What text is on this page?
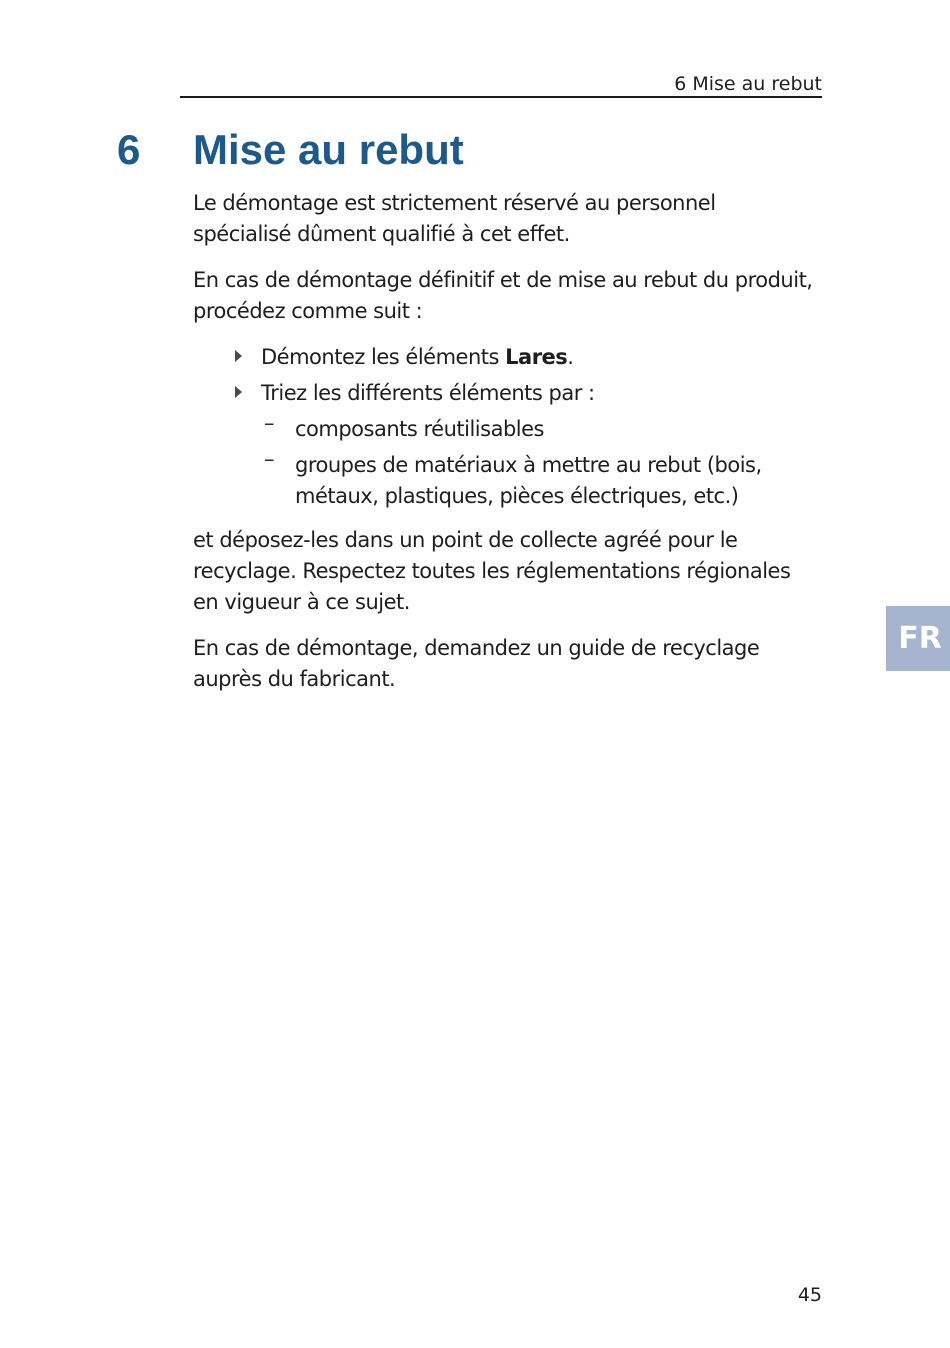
6 Mise au rebut
6 Mise au rebut

Le démontage est strictement réservé au personnel spécialisé dûment qualifié à cet effet.

En cas de démontage définitif et de mise au rebut du produit, procédez comme suit :

Démontez les éléments Lares.
Triez les différents éléments par :
– composants réutilisables
– groupes de matériaux à mettre au rebut (bois, métaux, plastiques, pièces électriques, etc.)

et déposez-les dans un point de collecte agréé pour le recyclage. Respectez toutes les réglementations régionales en vigueur à ce sujet.

En cas de démontage, demandez un guide de recyclage auprès du fabricant.

FR
45
